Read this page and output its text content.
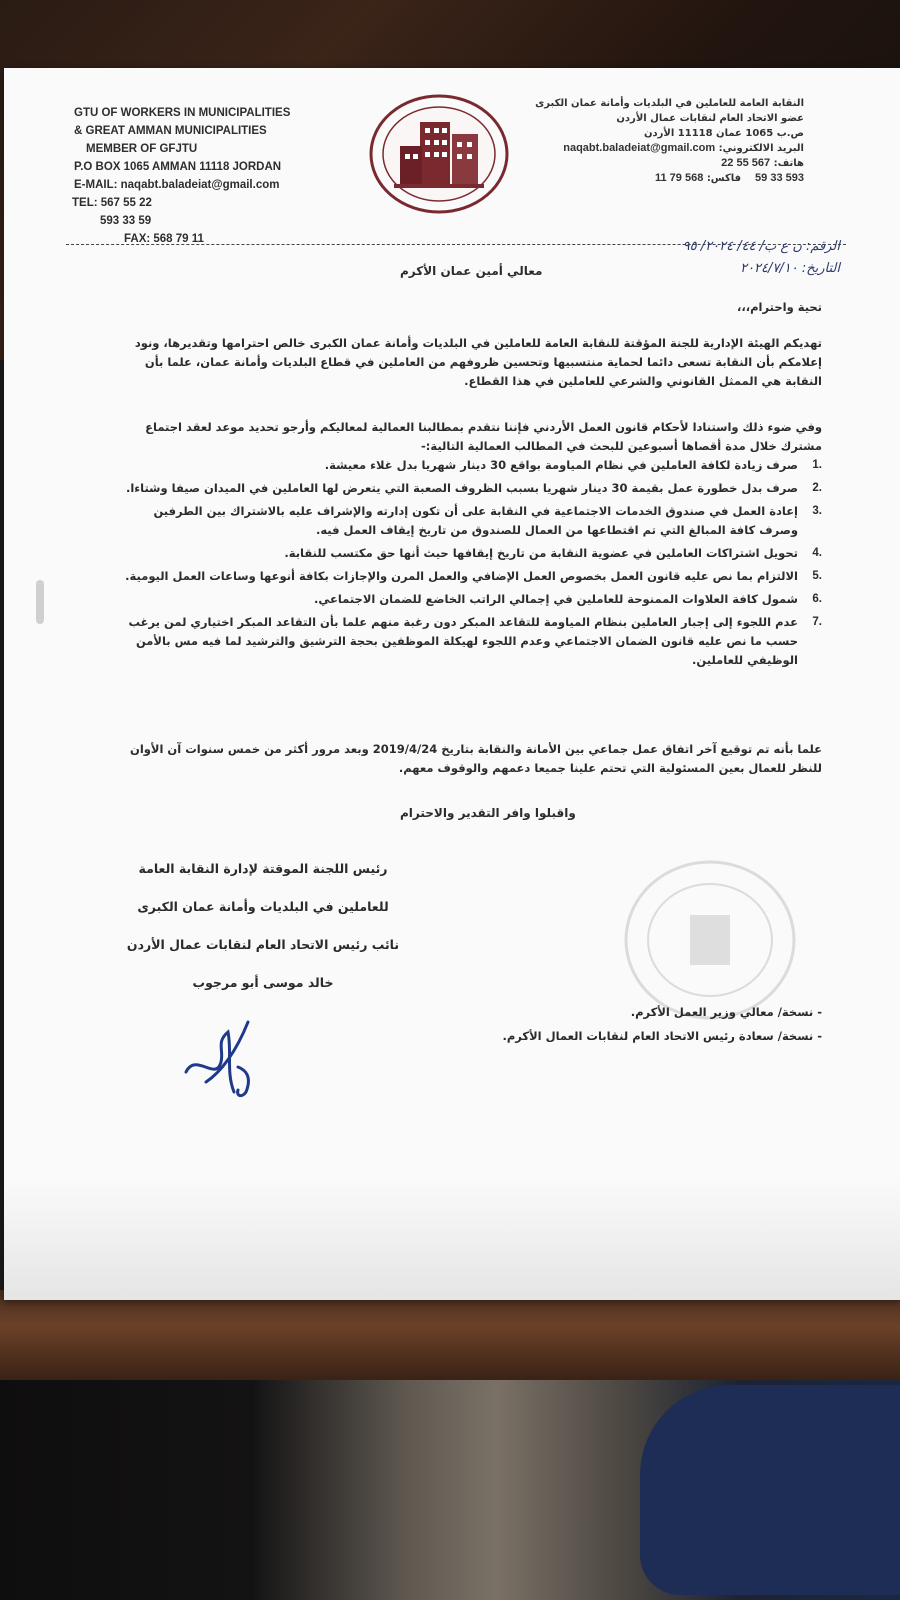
GTU OF WORKERS IN MUNICIPALITIES
& GREAT AMMAN MUNICIPALITIES
MEMBER OF GFJTU
P.O BOX 1065 AMMAN 11118 JORDAN
E-MAIL: naqabt.baladeiat@gmail.com
TEL: 567 55 22
593 33 59
FAX: 568 79 11
النقابة العامة للعاملين في البلديات وأمانة عمان الكبرى
عضو الاتحاد العام لنقابات عمال الأردن
ص.ب 1065 عمان 11118 الأردن
البريد الالكتروني: naqabt.baladeiat@gmail.com
هاتف: 567 55 22
593 33 59    فاكس: 568 79 11
الرقم: ن ع ب/ ٤٤/ ٢٠٢٤/ ٩٥
التاريخ: ٢٠٢٤/٧/١٠
معالي أمين عمان الأكرم
تحية واحترام،،،
تهديكم الهيئة الإدارية للجنة المؤقتة للنقابة العامة للعاملين في البلديات وأمانة عمان الكبرى خالص احترامها وتقديرها، ونود إعلامكم بأن النقابة تسعى دائما لحماية منتسبيها وتحسين ظروفهم من العاملين في قطاع البلديات وأمانة عمان، علما بأن النقابة هي الممثل القانوني والشرعي للعاملين في هذا القطاع.
وفي ضوء ذلك واستنادا لأحكام قانون العمل الأردني فإننا نتقدم بمطالبنا العمالية لمعاليكم وأرجو تحديد موعد لعقد اجتماع مشترك خلال مدة أقصاها أسبوعين للبحث في المطالب العمالية التالية:-
1.
صرف زيادة لكافة العاملين في نظام المياومة بواقع 30 دينار شهريا بدل غلاء معيشة.
2.
صرف بدل خطورة عمل بقيمة 30 دينار شهريا بسبب الظروف الصعبة التي يتعرض لها العاملين في الميدان صيفا وشتاءا.
3.
إعادة العمل في صندوق الخدمات الاجتماعية في النقابة على أن تكون إدارته والإشراف عليه بالاشتراك بين الطرفين وصرف كافة المبالغ التي تم اقتطاعها من العمال للصندوق من تاريخ إيقاف العمل فيه.
4.
تحويل اشتراكات العاملين في عضوية النقابة من تاريخ إيقافها حيث أنها حق مكتسب للنقابة.
5.
الالتزام بما نص عليه قانون العمل بخصوص العمل الإضافي والعمل المرن والإجازات بكافة أنوعها وساعات العمل اليومية.
6.
شمول كافة العلاوات الممنوحة للعاملين في إجمالي الراتب الخاضع للضمان الاجتماعي.
7.
عدم اللجوء إلى إجبار العاملين بنظام المياومة للتقاعد المبكر دون رغبة منهم علما بأن التقاعد المبكر اختياري لمن يرغب حسب ما نص عليه قانون الضمان الاجتماعي وعدم اللجوء لهيكلة الموظفين بحجة الترشيق والترشيد لما فيه مس بالأمن الوظيفي للعاملين.
علما بأنه تم توقيع آخر اتفاق عمل جماعي بين الأمانة والنقابة بتاريخ 2019/4/24 وبعد مرور أكثر من خمس سنوات آن الأوان للنظر للعمال بعين المسئولية التي تحتم علينا جميعا دعمهم والوقوف معهم.
واقبلوا وافر التقدير والاحترام
رئيس اللجنة الموقتة لإدارة النقابة العامة
للعاملين في البلديات وأمانة عمان الكبرى
نائب رئيس الاتحاد العام لنقابات عمال الأردن
خالد موسى أبو مرجوب
- نسخة/ معالي وزير العمل الأكرم.
- نسخة/ سعادة رئيس الاتحاد العام لنقابات العمال الأكرم.
